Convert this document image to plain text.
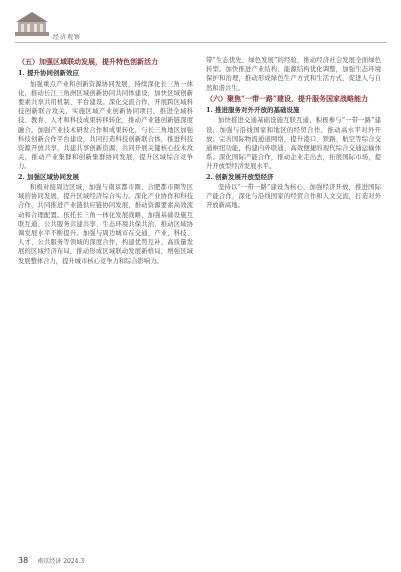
经济观察
（五）加强区域联动发展，提升特色创新活力
1. 提升协同创新效应

加强重点产业和创新资源协同发展，持续深化长三角一体化，推动长江三角洲区域创新协同共同体建设，加快区域创新要素共享共用机制、平台建设。深化交流合作，开展跨区域科技创新联合攻关，实施区域产业创新协同项目，推进全域科技、教育、人才和科技成果转移转化，推动产业链创新链深度融合。加强产业技术研发合作和成果转化，与长三角地区加强科技创新合作平台建设，共同打造科技创新联合体，推进科技资源开放共享，共建共享创新资源、共同开展关键核心技术攻关，推动产业集群和创新集群协同发展，提升区域综合竞争力。

2. 加强区域协同发展

积极对接周边区域，加强与南京都市圈、合肥都市圈等区域的协同发展，提升区域经济综合实力。深化产业协作和科技合作，共同推进产业链供应链协同发展，推动资源要素高效流动和合理配置。依托长三角一体化发展战略，加强基础设施互联互通、公共服务共建共享、生态环境共保共治，推动区域协调发展水平不断提升。加强与周边城市在交通、产业、科技、人才、公共服务等领域的深度合作，构建优势互补、高质量发展的区域经济布局，推动形成区域联动发展新格局，增强区域发展整体合力，提升城市核心竞争力和综合影响力。

带“生态优先、绿色发展”的经验，推动经济社会发展全面绿色转型。加快推进产业结构、能源结构优化调整，加强生态环境保护和治理，推动形成绿色生产方式和生活方式，促进人与自然和谐共生。

（六）聚焦“一带一路”建设，提升服务国家战略能力
1. 推进服务对外开放的基础设施

加快推进交通基础设施互联互通，积极参与“一带一路”建设，加强与沿线国家和地区的经贸合作，推动高水平对外开放。完善国际物流通道网络，提升港口、铁路、航空等综合交通枢纽功能，构建内外联通、高效便捷的现代综合交通运输体系。深化国际产能合作，推动企业走出去，拓展国际市场，提升开放型经济发展水平。

2. 创新发展开放型经济

坚持以“一带一路”建设为核心，加强经济开放，推进国际产能合作，深化与沿线国家的经贸合作和人文交流，打造对外开放新高地。

38 南京经济 2024.3
